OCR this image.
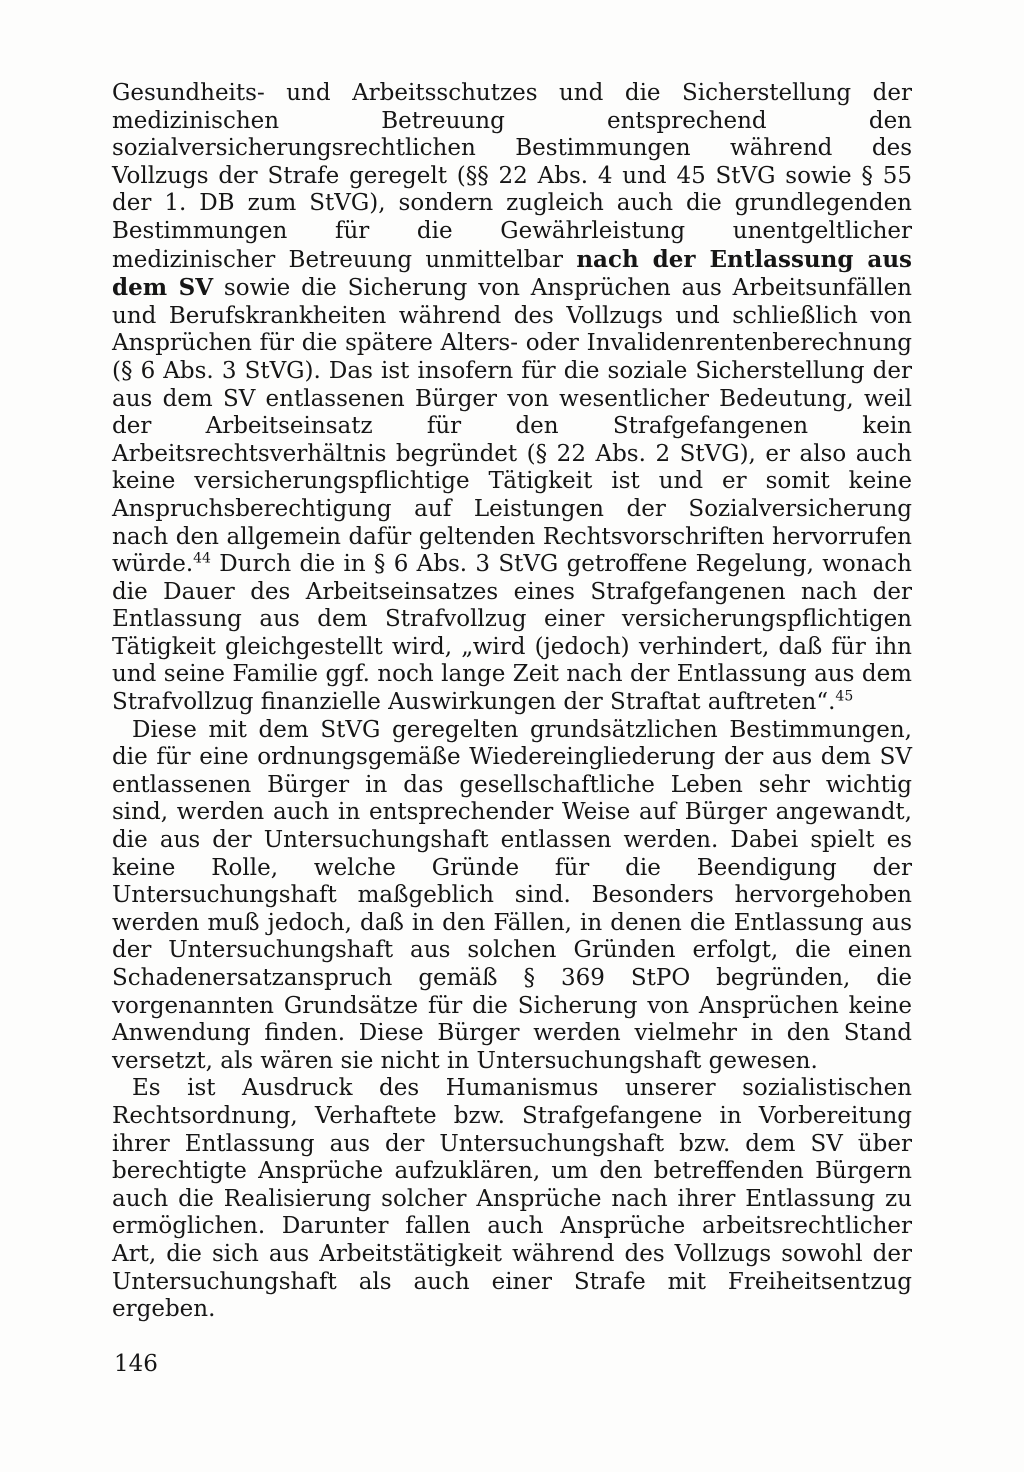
Gesundheits- und Arbeitsschutzes und die Sicherstellung der medizinischen Betreuung entsprechend den sozialversicherungsrechtlichen Bestimmungen während des Vollzugs der Strafe geregelt (§§ 22 Abs. 4 und 45 StVG sowie § 55 der 1. DB zum StVG), sondern zugleich auch die grundlegenden Bestimmungen für die Gewährleistung unentgeltlicher medizinischer Betreuung unmittelbar nach der Entlassung aus dem SV sowie die Sicherung von Ansprüchen aus Arbeitsunfällen und Berufskrankheiten während des Vollzugs und schließlich von Ansprüchen für die spätere Alters- oder Invalidenrentenberechnung (§ 6 Abs. 3 StVG). Das ist insofern für die soziale Sicherstellung der aus dem SV entlassenen Bürger von wesentlicher Bedeutung, weil der Arbeitseinsatz für den Strafgefangenen kein Arbeitsrechtsverhältnis begründet (§ 22 Abs. 2 StVG), er also auch keine versicherungspflichtige Tätigkeit ist und er somit keine Anspruchsberechtigung auf Leistungen der Sozialversicherung nach den allgemein dafür geltenden Rechtsvorschriften hervorrufen würde.$^{44}$ Durch die in § 6 Abs. 3 StVG getroffene Regelung, wonach die Dauer des Arbeitseinsatzes eines Strafgefangenen nach der Entlassung aus dem Strafvollzug einer versicherungspflichtigen Tätigkeit gleichgestellt wird, „wird (jedoch) verhindert, daß für ihn und seine Familie ggf. noch lange Zeit nach der Entlassung aus dem Strafvollzug finanzielle Auswirkungen der Straftat auftreten“.$^{45}$

Diese mit dem StVG geregelten grundsätzlichen Bestimmungen, die für eine ordnungsgemäße Wiedereingliederung der aus dem SV entlassenen Bürger in das gesellschaftliche Leben sehr wichtig sind, werden auch in entsprechender Weise auf Bürger angewandt, die aus der Untersuchungshaft entlassen werden. Dabei spielt es keine Rolle, welche Gründe für die Beendigung der Untersuchungshaft maßgeblich sind. Besonders hervorgehoben werden muß jedoch, daß in den Fällen, in denen die Entlassung aus der Untersuchungshaft aus solchen Gründen erfolgt, die einen Schadenersatzanspruch gemäß § 369 StPO begründen, die vorgenannten Grundsätze für die Sicherung von Ansprüchen keine Anwendung finden. Diese Bürger werden vielmehr in den Stand versetzt, als wären sie nicht in Untersuchungshaft gewesen.

Es ist Ausdruck des Humanismus unserer sozialistischen Rechtsordnung, Verhaftete bzw. Strafgefangene in Vorbereitung ihrer Entlassung aus der Untersuchungshaft bzw. dem SV über berechtigte Ansprüche aufzuklären, um den betreffenden Bürgern auch die Realisierung solcher Ansprüche nach ihrer Entlassung zu ermöglichen. Darunter fallen auch Ansprüche arbeitsrechtlicher Art, die sich aus Arbeitstätigkeit während des Vollzugs sowohl der Untersuchungshaft als auch einer Strafe mit Freiheitsentzug ergeben.

146
